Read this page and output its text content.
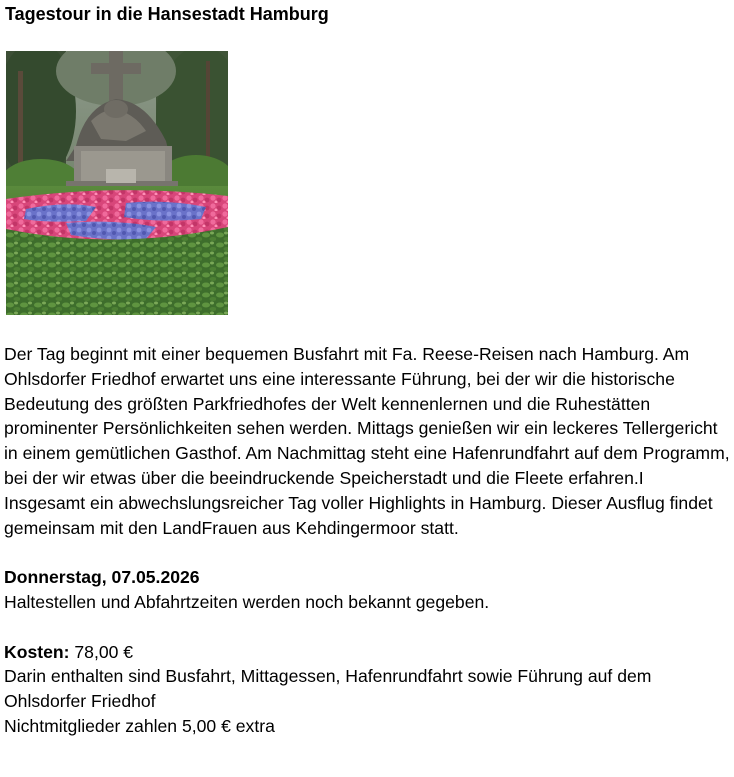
Tagestour in die Hansestadt Hamburg

Der Tag beginnt mit einer bequemen Busfahrt mit Fa. Reese-Reisen nach Hamburg. Am Ohlsdorfer Friedhof erwartet uns eine interessante Führung, bei der wir die historische Bedeutung des größten Parkfriedhofes der Welt kennenlernen und die Ruhestätten prominenter Persönlichkeiten sehen werden. Mittags genießen wir ein leckeres Tellergericht in einem gemütlichen Gasthof. Am Nachmittag steht eine Hafenrundfahrt auf dem Programm, bei der wir etwas über die beeindruckende Speicherstadt und die Fleete erfahren.I

Insgesamt ein abwechslungsreicher Tag voller Highlights in Hamburg. Dieser Ausflug findet gemeinsam mit den LandFrauen aus Kehdingermoor statt.

Donnerstag, 07.05.2026

Haltestellen und Abfahrtzeiten werden noch bekannt gegeben.

Kosten: 78,00 €

Darin enthalten sind Busfahrt, Mittagessen, Hafenrundfahrt sowie Führung auf dem Ohlsdorfer Friedhof

Nichtmitglieder zahlen 5,00 € extra
